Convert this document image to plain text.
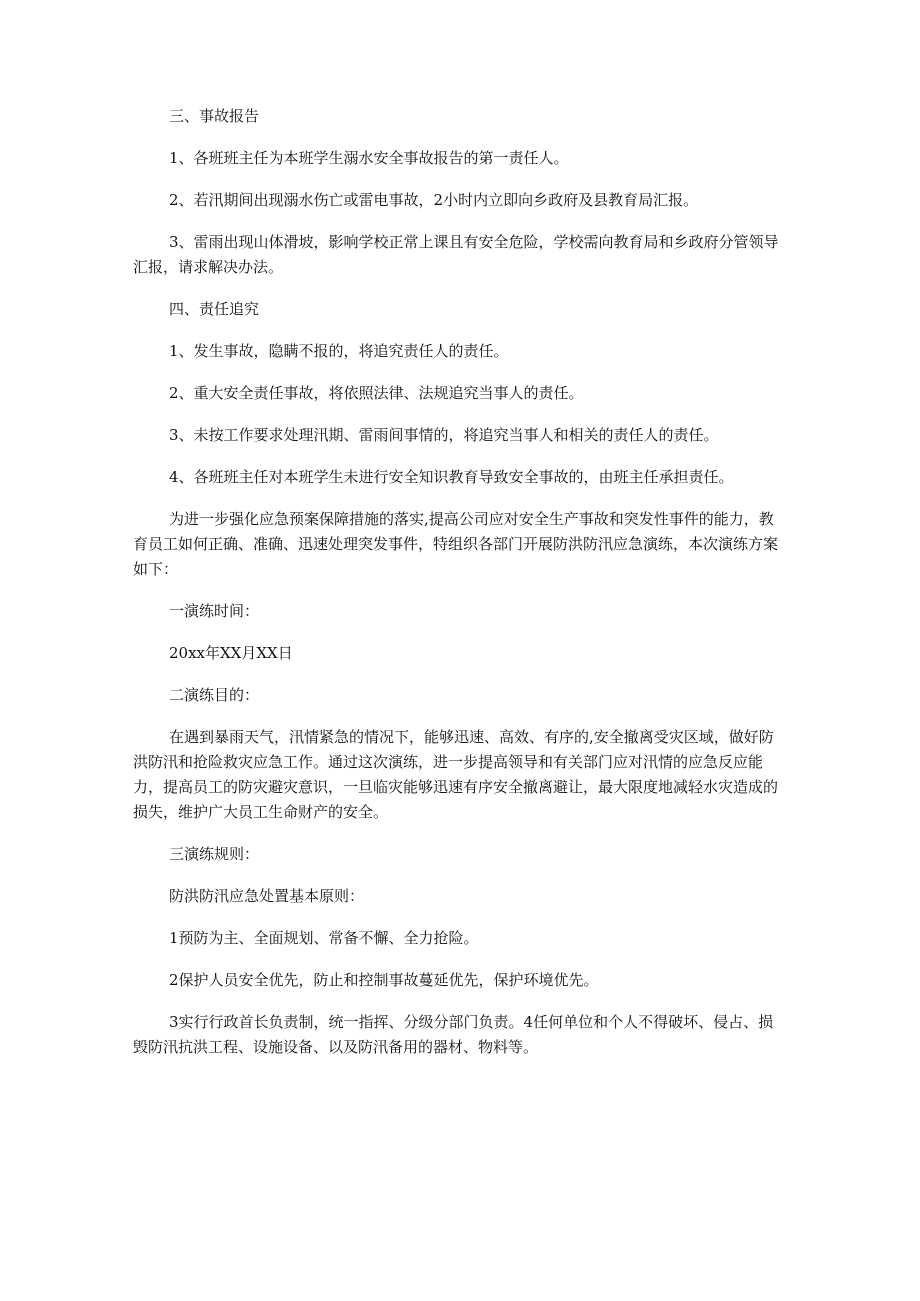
三、事故报告

1、各班班主任为本班学生溺水安全事故报告的第一责任人。

2、若汛期间出现溺水伤亡或雷电事故，2小时内立即向乡政府及县教育局汇报。

3、雷雨出现山体滑坡，影响学校正常上课且有安全危险，学校需向教育局和乡政府分管领导汇报，请求解决办法。

四、责任追究

1、发生事故，隐瞒不报的，将追究责任人的责任。

2、重大安全责任事故，将依照法律、法规追究当事人的责任。

3、未按工作要求处理汛期、雷雨间事情的，将追究当事人和相关的责任人的责任。

4、各班班主任对本班学生未进行安全知识教育导致安全事故的，由班主任承担责任。

为进一步强化应急预案保障措施的落实,提高公司应对安全生产事故和突发性事件的能力，教育员工如何正确、准确、迅速处理突发事件，特组织各部门开展防洪防汛应急演练，本次演练方案如下：

一演练时间：

20xx年XX月XX日

二演练目的：

在遇到暴雨天气，汛情紧急的情况下，能够迅速、高效、有序的,安全撤离受灾区域，做好防洪防汛和抢险救灾应急工作。通过这次演练，进一步提高领导和有关部门应对汛情的应急反应能力，提高员工的防灾避灾意识，一旦临灾能够迅速有序安全撤离避让，最大限度地减轻水灾造成的损失，维护广大员工生命财产的安全。

三演练规则：

防洪防汛应急处置基本原则：

1预防为主、全面规划、常备不懈、全力抢险。

2保护人员安全优先，防止和控制事故蔓延优先，保护环境优先。

3实行行政首长负责制，统一指挥、分级分部门负责。4任何单位和个人不得破坏、侵占、损毁防汛抗洪工程、设施设备、以及防汛备用的器材、物料等。
